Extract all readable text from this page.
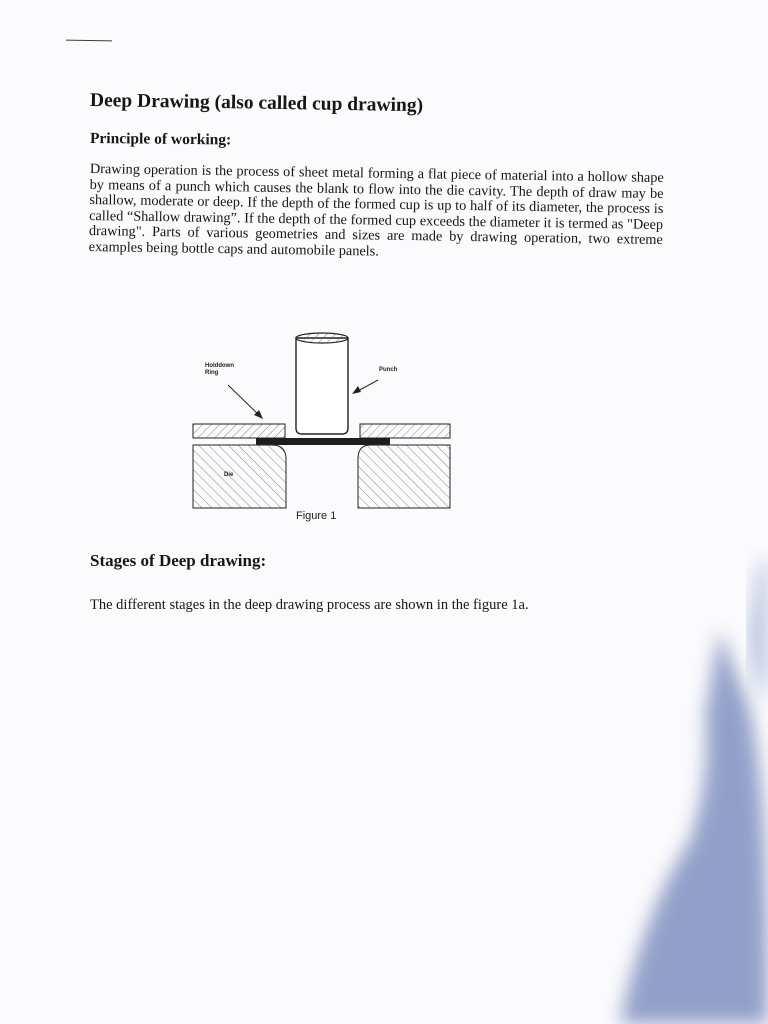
Deep Drawing (also called cup drawing)
Principle of working:

Drawing operation is the process of sheet metal forming a flat piece of material into a hollow shape by means of a punch which causes the blank to flow into the die cavity. The depth of draw may be shallow, moderate or deep. If the depth of the formed cup is up to half of its diameter, the process is called “Shallow drawing”. If the depth of the formed cup exceeds the diameter it is termed as "Deep drawing". Parts of various geometries and sizes are made by drawing operation, two extreme examples being bottle caps and automobile panels.

Holddown
Ring	Punch
Die
Figure 1
Stages of Deep drawing:

The different stages in the deep drawing process are shown in the figure 1a.
